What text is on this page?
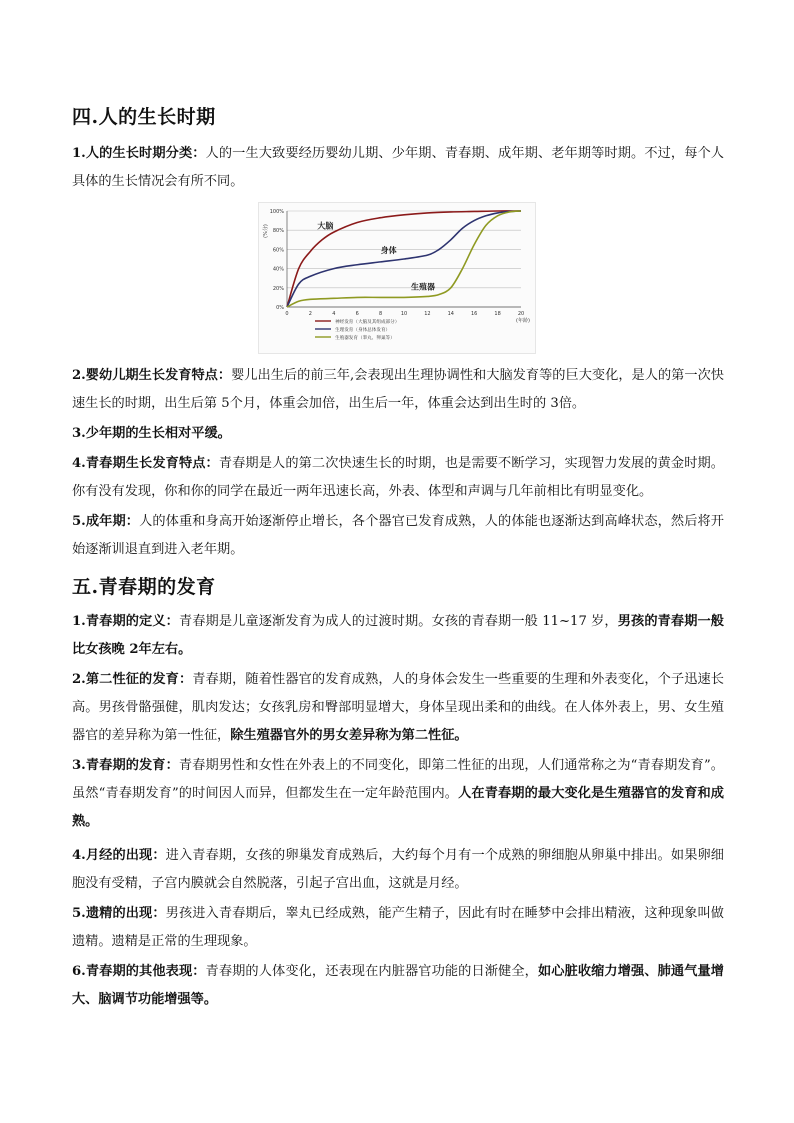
四.人的生长时期

1.人的生长时期分类：人的一生大致要经历婴幼儿期、少年期、青春期、成年期、老年期等时期。不过，每个人具体的生长情况会有所不同。

0%
20%
40%
60%
80%
100%
0	2	4	6	8	10	12	14	16	18	20
(年龄)
(%分)	大脑
身体
生殖器
神经发育（大脑及其组成部分）
生理发育（身体总体发育）
生殖器发育（睾丸、卵巢等）

2.婴幼儿期生长发育特点：婴儿出生后的前三年,会表现出生理协调性和大脑发育等的巨大变化，是人的第一次快速生长的时期，出生后第 5个月，体重会加倍，出生后一年，体重会达到出生时的 3倍。

3.少年期的生长相对平缓。

4.青春期生长发育特点：青春期是人的第二次快速生长的时期，也是需要不断学习，实现智力发展的黄金时期。你有没有发现，你和你的同学在最近一两年迅速长高，外表、体型和声调与几年前相比有明显变化。

5.成年期：人的体重和身高开始逐渐停止增长，各个器官已发育成熟，人的体能也逐渐达到高峰状态，然后将开始逐渐训退直到进入老年期。

五.青春期的发育

1.青春期的定义：青春期是儿童逐渐发育为成人的过渡时期。女孩的青春期一般 11~17 岁，男孩的青春期一般比女孩晚 2年左右。

2.第二性征的发育：青春期，随着性器官的发育成熟，人的身体会发生一些重要的生理和外表变化，个子迅速长高。男孩骨骼强健，肌肉发达；女孩乳房和臀部明显增大，身体呈现出柔和的曲线。在人体外表上，男、女生殖器官的差异称为第一性征，除生殖器官外的男女差异称为第二性征。

3.青春期的发育：青春期男性和女性在外表上的不同变化，即第二性征的出现，人们通常称之为“青春期发育”。虽然“青春期发育”的时间因人而异，但都发生在一定年龄范围内。人在青春期的最大变化是生殖器官的发育和成熟。

4.月经的出现：进入青春期，女孩的卵巢发育成熟后，大约每个月有一个成熟的卵细胞从卵巢中排出。如果卵细胞没有受精，子宫内膜就会自然脱落，引起子宫出血，这就是月经。

5.遗精的出现：男孩进入青春期后，睾丸已经成熟，能产生精子，因此有时在睡梦中会排出精液，这种现象叫做遗精。遗精是正常的生理现象。

6.青春期的其他表现：青春期的人体变化，还表现在内脏器官功能的日渐健全，如心脏收缩力增强、肺通气量增大、脑调节功能增强等。
